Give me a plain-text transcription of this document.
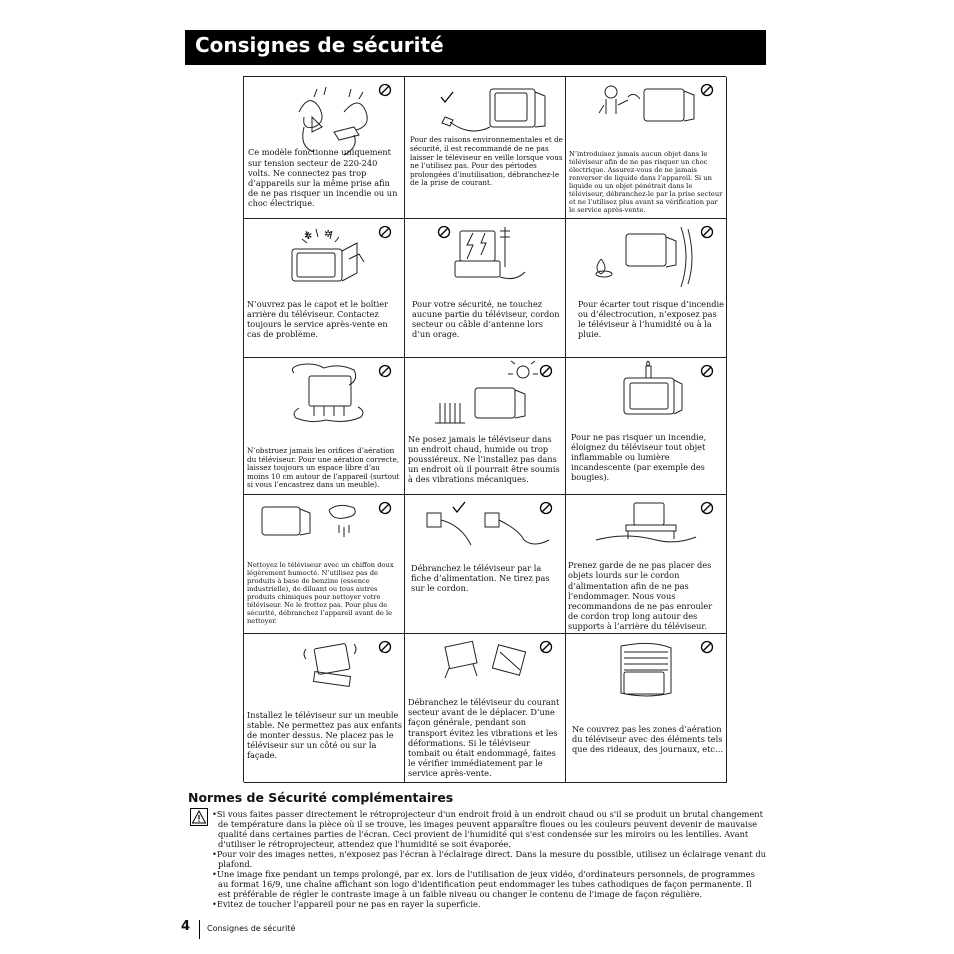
Consignes de sécurité
Ce modèle fonctionne uniquement sur tension secteur de 220-240 volts. Ne connectez pas trop d’appareils sur la même prise afin de ne pas risquer un incendie ou un choc électrique.
Pour des raisons environnementales et de sécurité, il est recommandé de ne pas laisser le téléviseur en veille lorsque vous ne l’utilisez pas. Pour des périodes prolongées d’inutilisation, débranchez-le de la prise de courant.
N’introduisez jamais aucun objet dans le téléviseur afin de ne pas risquer un choc électrique. Assurez-vous de ne jamais renverser de liquide dans l’appareil. Si un liquide ou un objet pénétrait dans le téléviseur, débranchez-le par la prise secteur et ne l’utilisez plus avant sa vérification par le service après-vente.
✲ ✲
N’ouvrez pas le capot et le boîtier arrière du téléviseur. Contactez toujours le service après-vente en cas de problème.
Pour votre sécurité, ne touchez aucune partie du téléviseur, cordon secteur ou câble d’antenne lors d’un orage.
Pour écarter tout risque d’incendie ou d’électrocution, n’exposez pas le téléviseur à l’humidité ou à la pluie.
N’obstruez jamais les orifices d’aération du téléviseur. Pour une aération correcte, laissez toujours un espace libre d’au moins 10 cm autour de l’appareil (surtout si vous l’encastrez dans un meuble).
Ne posez jamais le téléviseur dans un endroit chaud, humide ou trop poussiéreux. Ne l’installez pas dans un endroit où il pourrait être soumis à des vibrations mécaniques.
Pour ne pas risquer un incendie, éloignez du téléviseur tout objet inflammable ou lumière incandescente (par exemple des bougies).
Nettoyez le téléviseur avec un chiffon doux légèrement humecté. N’utilisez pas de produits à base de benzine (essence industrielle), de diluant ou tous autres produits chimiques pour nettoyer votre téléviseur. Ne le frottez pas. Pour plus de sécurité, débranchez l’appareil avant de le nettoyer.
Débranchez le téléviseur par la fiche d’alimentation. Ne tirez pas sur le cordon.
Prenez garde de ne pas placer des objets lourds sur le cordon d’alimentation afin de ne pas l’endommager. Nous vous recommandons de ne pas enrouler de cordon trop long autour des supports à l’arrière du téléviseur.
Installez le téléviseur sur un meuble stable. Ne permettez pas aux enfants de monter dessus. Ne placez pas le téléviseur sur un côté ou sur la façade.
Débranchez le téléviseur du courant secteur avant de le déplacer. D’une façon générale, pendant son transport évitez les vibrations et les déformations. Si le téléviseur tombait ou était endommagé, faites le vérifier immédiatement par le service après-vente.
Ne couvrez pas les zones d’aération du téléviseur avec des éléments tels que des rideaux, des journaux, etc…
Normes de Sécurité complémentaires
• Si vous faites passer directement le rétroprojecteur d'un endroit froid à un endroit chaud ou s'il se produit un brutal changement de température dans la pièce où il se trouve, les images peuvent apparaître floues ou les couleurs peuvent devenir de mauvaise qualité dans certaines parties de l'écran. Ceci provient de l'humidité qui s'est condensée sur les miroirs ou les lentilles. Avant d'utiliser le rétroprojecteur, attendez que l'humidité se soit évaporée.
• Pour voir des images nettes, n'exposez pas l'écran à l'éclairage direct. Dans la mesure du possible, utilisez un éclairage venant du plafond.
• Une image fixe pendant un temps prolongé, par ex. lors de l'utilisation de jeux vidéo, d'ordinateurs personnels, de programmes au format 16/9, une chaîne affichant son logo d'identification peut endommager les tubes cathodiques de façon permanente. Il est préférable de régler le contraste image à un faible niveau ou changer le contenu de l'image de façon régulière.
• Evitez de toucher l'appareil pour ne pas en rayer la superficie.
4 Consignes de sécurité
